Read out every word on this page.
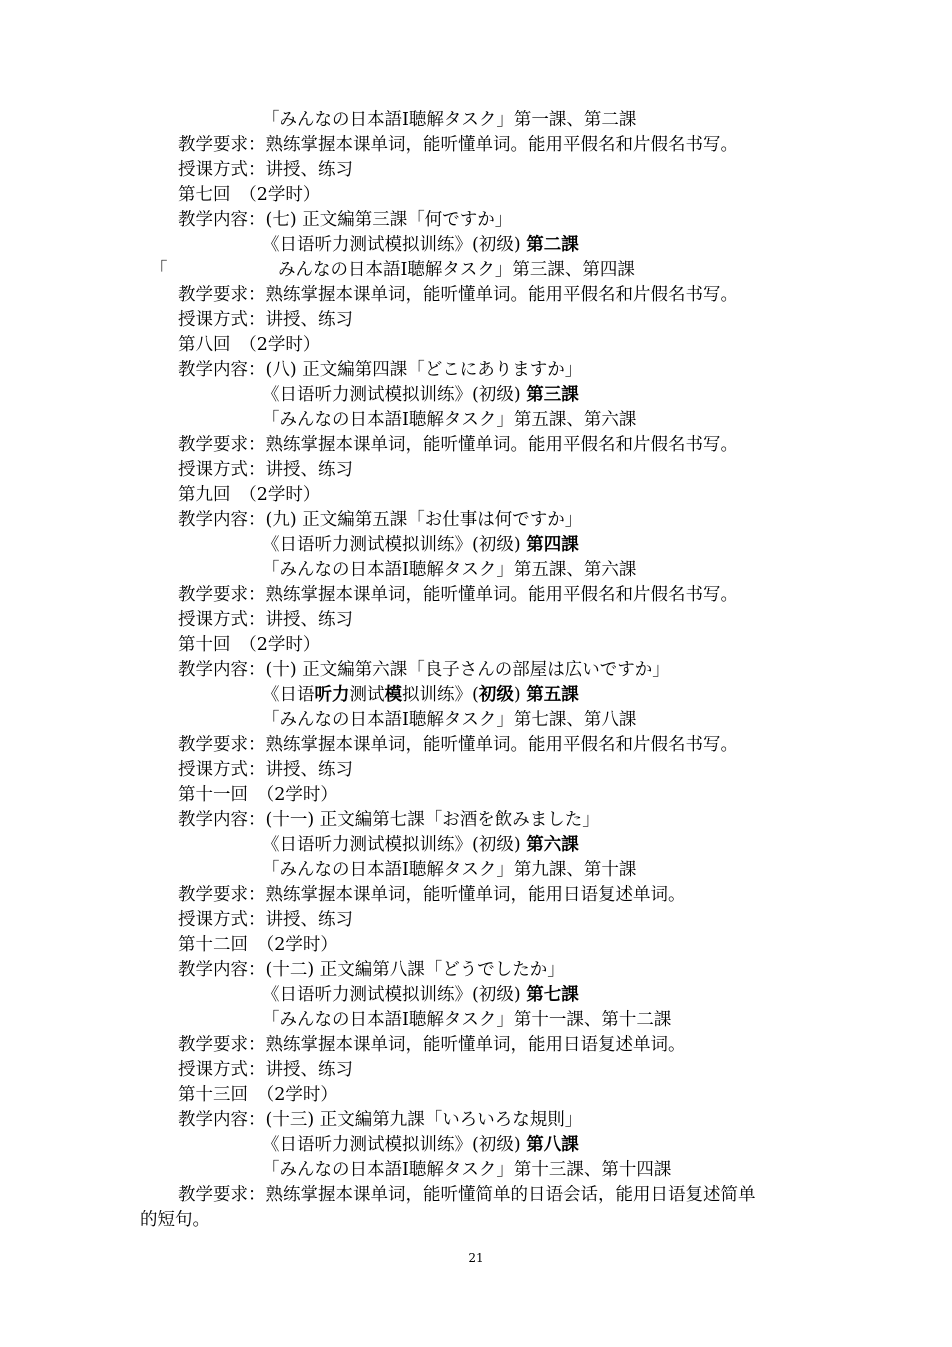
「みんなの日本語Ⅰ聴解タスク」第一課、第二課
教学要求：熟练掌握本课单词，能听懂单词。能用平假名和片假名书写。
授课方式：讲授、练习
第七回　（2学时）
教学内容：(七) 正文編第三課「何ですか」
《日语听力测试模拟训练》(初级) 第二課
「	みんなの日本語Ⅰ聴解タスク」第三課、第四課
教学要求：熟练掌握本课单词，能听懂单词。能用平假名和片假名书写。
授课方式：讲授、练习
第八回　（2学时）
教学内容：(八) 正文編第四課「どこにありますか」
《日语听力测试模拟训练》(初级) 第三課
「みんなの日本語Ⅰ聴解タスク」第五課、第六課
教学要求：熟练掌握本课单词，能听懂单词。能用平假名和片假名书写。
授课方式：讲授、练习
第九回　（2学时）
教学内容：(九) 正文編第五課「お仕事は何ですか」
《日语听力测试模拟训练》(初级) 第四課
「みんなの日本語Ⅰ聴解タスク」第五課、第六課
教学要求：熟练掌握本课单词，能听懂单词。能用平假名和片假名书写。
授课方式：讲授、练习
第十回　（2学时）
教学内容：(十) 正文編第六課「良子さんの部屋は広いですか」
《日语听力测试模拟训练》(初级) 第五課
「みんなの日本語Ⅰ聴解タスク」第七課、第八課
教学要求：熟练掌握本课单词，能听懂单词。能用平假名和片假名书写。
授课方式：讲授、练习
第十一回　（2学时）
教学内容：(十一) 正文編第七課「お酒を飲みました」
《日语听力测试模拟训练》(初级) 第六課
「みんなの日本語Ⅰ聴解タスク」第九課、第十課
教学要求：熟练掌握本课单词，能听懂单词，能用日语复述单词。
授课方式：讲授、练习
第十二回　（2学时）
教学内容：(十二) 正文編第八課「どうでしたか」
《日语听力测试模拟训练》(初级) 第七課
「みんなの日本語Ⅰ聴解タスク」第十一課、第十二課
教学要求：熟练掌握本课单词，能听懂单词，能用日语复述单词。
授课方式：讲授、练习
第十三回　（2学时）
教学内容：(十三) 正文編第九課「いろいろな規則」
《日语听力测试模拟训练》(初级) 第八課
「みんなの日本語Ⅰ聴解タスク」第十三課、第十四課
教学要求：熟练掌握本课单词，能听懂简单的日语会话，能用日语复述简单
的短句。
21
